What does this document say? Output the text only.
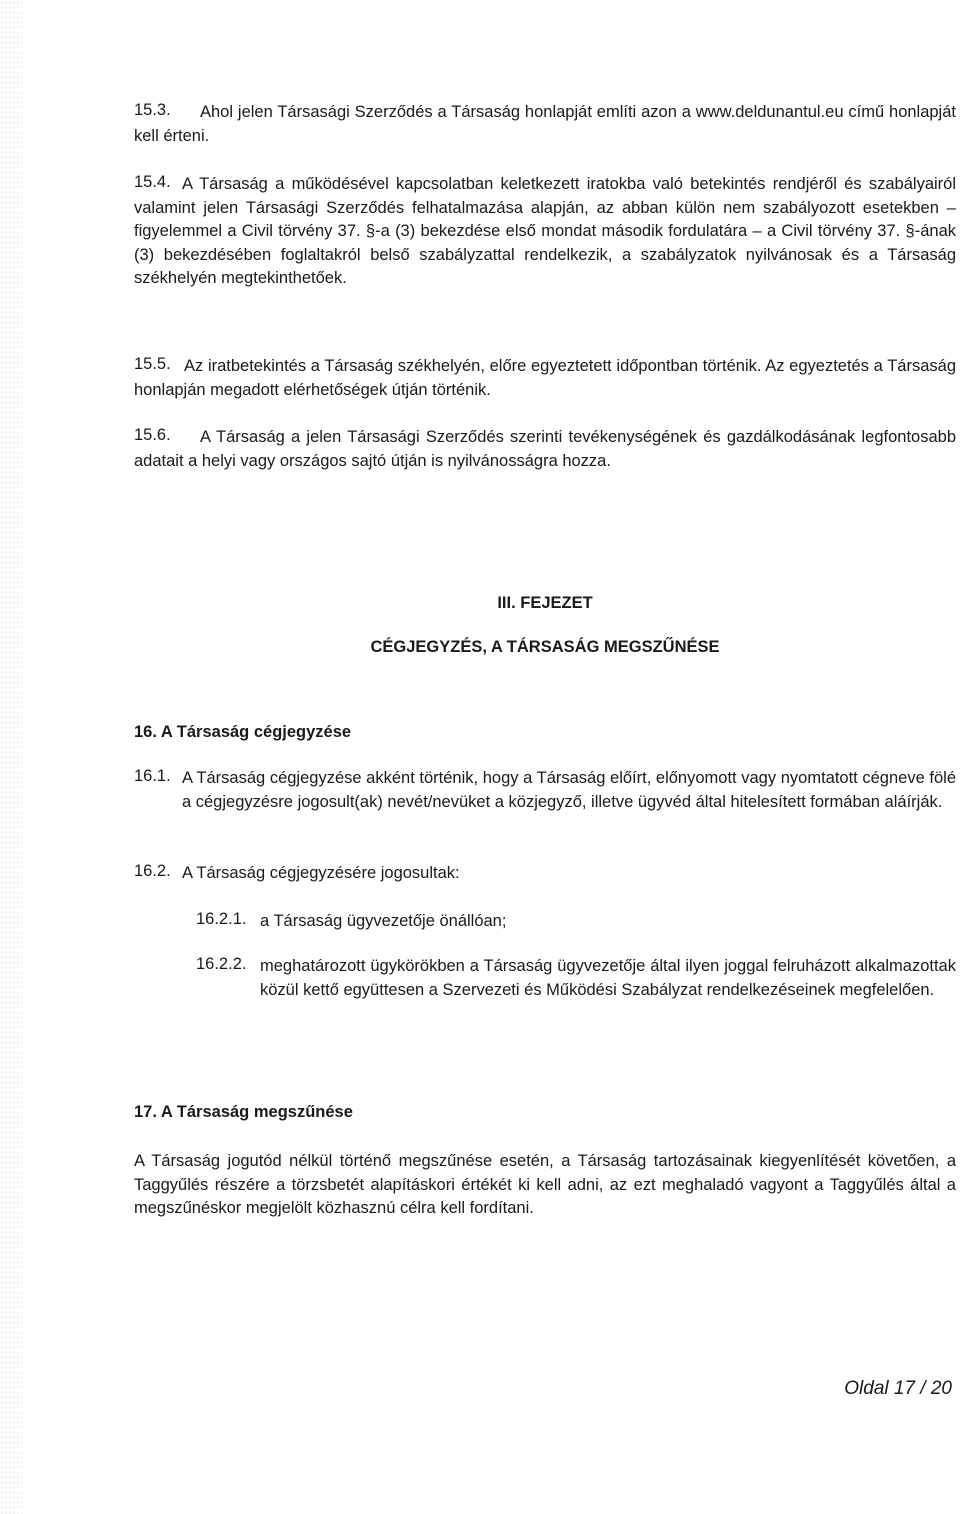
15.3.	Ahol jelen Társasági Szerződés a Társaság honlapját említi azon a www.deldunantul.eu című honlapját kell érteni.
15.4. A Társaság a működésével kapcsolatban keletkezett iratokba való betekintés rendjéről és szabályairól valamint jelen Társasági Szerződés felhatalmazása alapján, az abban külön nem szabályozott esetekben – figyelemmel a Civil törvény 37. §-a (3) bekezdése első mondat második fordulatára – a Civil törvény 37. §-ának (3) bekezdésében foglaltakról belső szabályzattal rendelkezik, a szabályzatok nyilvánosak és a Társaság székhelyén megtekinthetőek.
15.5. Az iratbetekintés a Társaság székhelyén, előre egyeztetett időpontban történik. Az egyeztetés a Társaság honlapján megadott elérhetőségek útján történik.
15.6.	A Társaság a jelen Társasági Szerződés szerinti tevékenységének és gazdálkodásának legfontosabb adatait a helyi vagy országos sajtó útján is nyilvánosságra hozza.
III. FEJEZET
CÉGJEGYZÉS, A TÁRSASÁG MEGSZŰNÉSE
16. A Társaság cégjegyzése
16.1. A Társaság cégjegyzése akként történik, hogy a Társaság előírt, előnyomott vagy nyomtatott cégneve fölé a cégjegyzésre jogosult(ak) nevét/nevüket a közjegyző, illetve ügyvéd által hitelesített formában aláírják.
16.2. A Társaság cégjegyzésére jogosultak:
16.2.1. a Társaság ügyvezetője önállóan;
16.2.2. meghatározott ügykörökben a Társaság ügyvezetője által ilyen joggal felruházott alkalmazottak közül kettő együttesen a Szervezeti és Működési Szabályzat rendelkezéseinek megfelelően.
17. A Társaság megszűnése
A Társaság jogutód nélkül történő megszűnése esetén, a Társaság tartozásainak kiegyenlítését követően, a Taggyűlés részére a törzsbetét alapításkori értékét ki kell adni, az ezt meghaladó vagyont a Taggyűlés által a megszűnéskor megjelölt közhasznú célra kell fordítani.
Oldal 17 / 20
